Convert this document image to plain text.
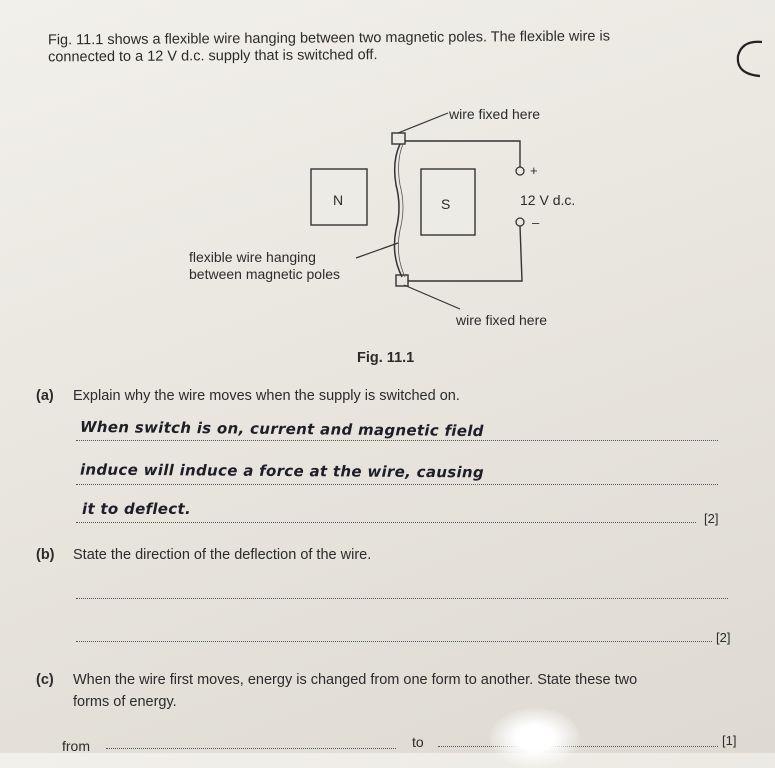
Fig. 11.1 shows a flexible wire hanging between two magnetic poles. The flexible wire is
connected to a 12 V d.c. supply that is switched off.
wire fixed here
N	S
+
12 V d.c.
–
flexible wire hanging
between magnetic poles
wire fixed here
Fig. 11.1
(a) Explain why the wire moves when the supply is switched on.
When switch is on, current and magnetic field
induce will induce a force at the wire, causing
it to deflect.
[2]
(b) State the direction of the deflection of the wire.
[2]
(c) When the wire first moves, energy is changed from one form to another. State these two
forms of energy.
from	to	[1]
